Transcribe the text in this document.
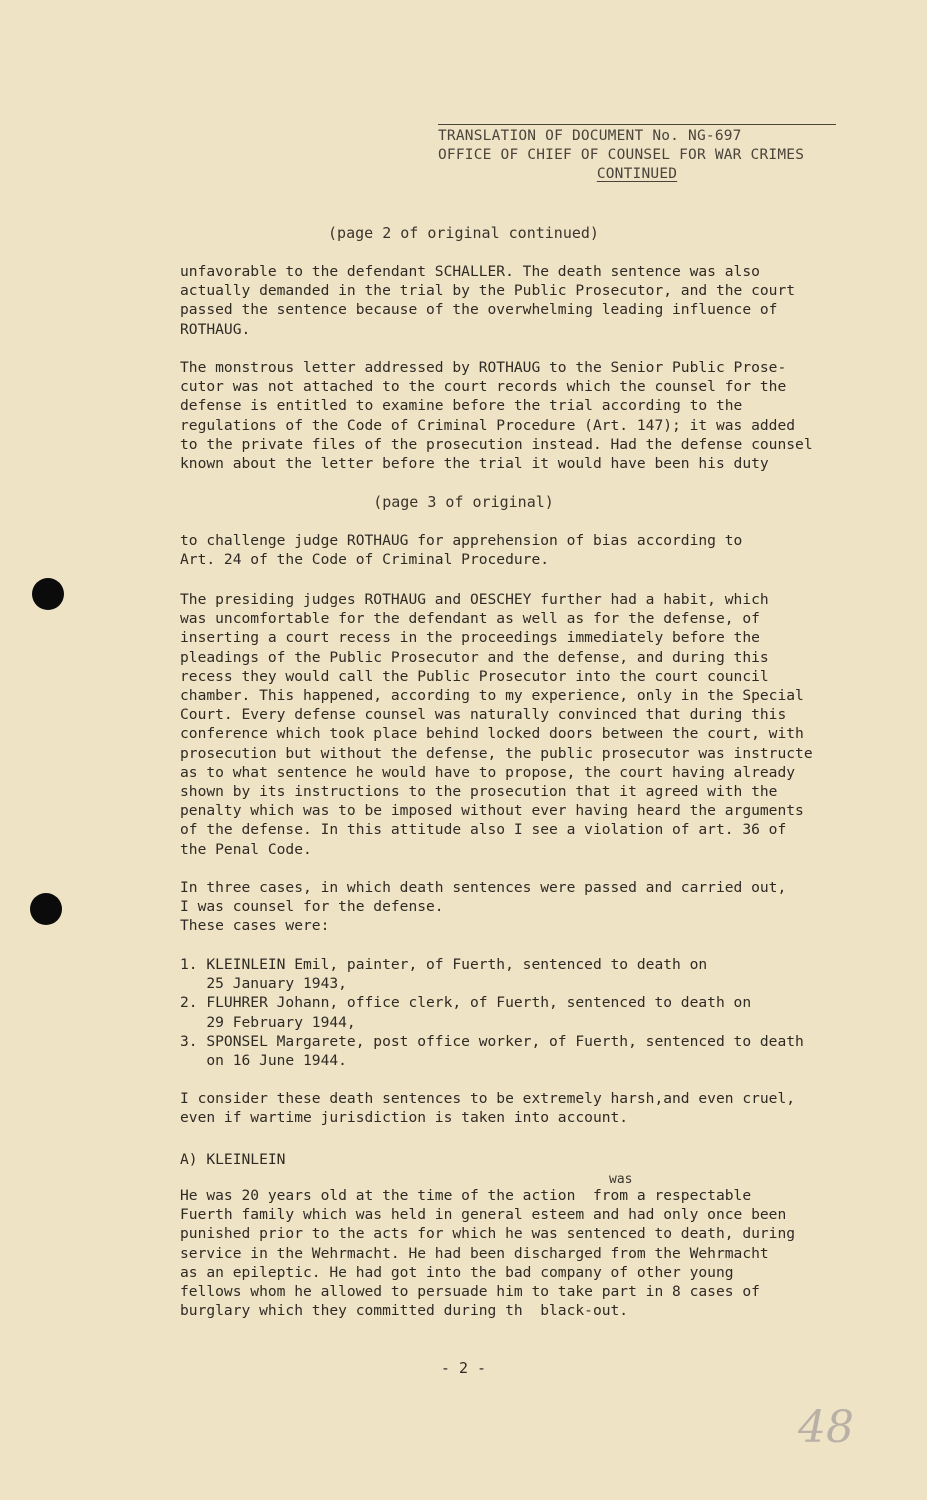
TRANSLATION OF DOCUMENT No. NG-697
OFFICE OF CHIEF OF COUNSEL FOR WAR CRIMES
CONTINUED
(page 2 of original continued)
unfavorable to the defendant SCHALLER. The death sentence was also
actually demanded in the trial by the Public Prosecutor, and the court
passed the sentence because of the overwhelming leading influence of
ROTHAUG.
The monstrous letter addressed by ROTHAUG to the Senior Public Prose-
cutor was not attached to the court records which the counsel for the
defense is entitled to examine before the trial according to the
regulations of the Code of Criminal Procedure (Art. 147); it was added
to the private files of the prosecution instead. Had the defense counsel
known about the letter before the trial it would have been his duty
(page 3 of original)
to challenge judge ROTHAUG for apprehension of bias according to
Art. 24 of the Code of Criminal Procedure.
The presiding judges ROTHAUG and OESCHEY further had a habit, which
was uncomfortable for the defendant as well as for the defense, of
inserting a court recess in the proceedings immediately before the
pleadings of the Public Prosecutor and the defense, and during this
recess they would call the Public Prosecutor into the court council
chamber. This happened, according to my experience, only in the Special
Court. Every defense counsel was naturally convinced that during this
conference which took place behind locked doors between the court, with
prosecution but without the defense, the public prosecutor was instructe
as to what sentence he would have to propose, the court having already
shown by its instructions to the prosecution that it agreed with the
penalty which was to be imposed without ever having heard the arguments
of the defense. In this attitude also I see a violation of art. 36 of
the Penal Code.
In three cases, in which death sentences were passed and carried out,
I was counsel for the defense.
These cases were:
1. KLEINLEIN Emil, painter, of Fuerth, sentenced to death on
25 January 1943,
2. FLUHRER Johann, office clerk, of Fuerth, sentenced to death on
29 February 1944,
3. SPONSEL Margarete, post office worker, of Fuerth, sentenced to death
on 16 June 1944.
I consider these death sentences to be extremely harsh,and even cruel,
even if wartime jurisdiction is taken into account.
A) KLEINLEIN
was
He was 20 years old at the time of the action  from a respectable
Fuerth family which was held in general esteem and had only once been
punished prior to the acts for which he was sentenced to death, during
service in the Wehrmacht. He had been discharged from the Wehrmacht
as an epileptic. He had got into the bad company of other young
fellows whom he allowed to persuade him to take part in 8 cases of
burglary which they committed during th  black-out.
- 2 -
48
